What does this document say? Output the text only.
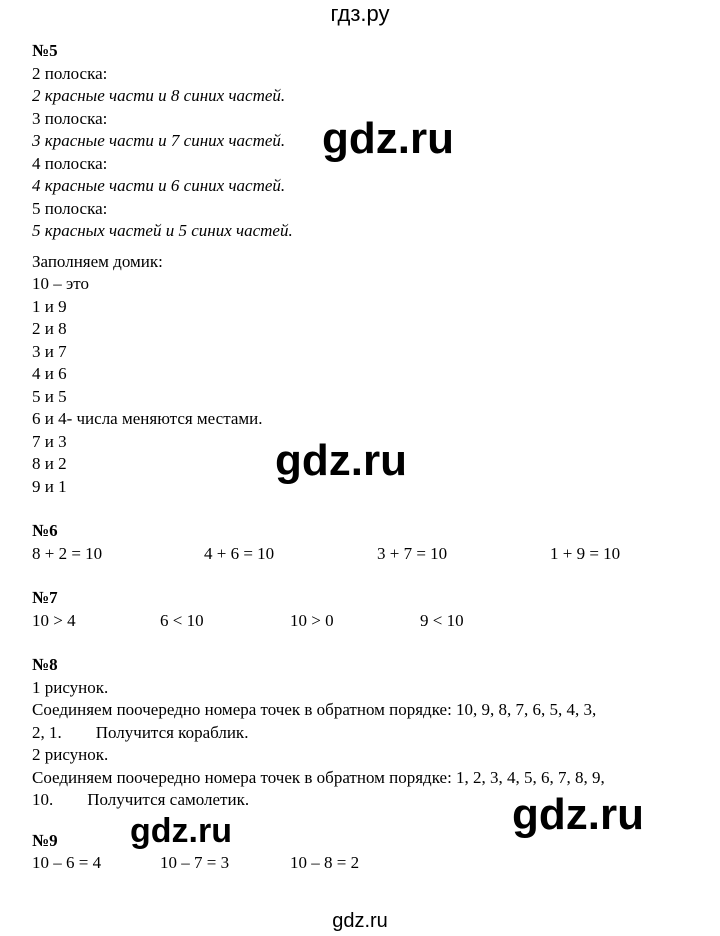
гдз.ру
№5
2 полоска:
2 красные части и 8 синих частей.
3 полоска:
3 красные части и 7 синих частей.
4 полоска:
4 красные части и 6 синих частей.
5 полоска:
5 красных частей и 5 синих частей.
Заполняем домик:
10 – это
1 и 9
2 и 8
3 и 7
4 и 6
5 и 5
6 и 4- числа меняются местами.
7 и 3
8 и 2
9 и 1
№6
8 + 2 = 10	4 + 6 = 10	3 + 7 = 10	1 + 9 = 10
№7
10 > 4	6 < 10	10 > 0	9 < 10
№8
1 рисунок.
Соединяем поочередно номера точек в обратном порядке: 10, 9, 8, 7, 6, 5, 4, 3,
2, 1.        Получится кораблик.
2 рисунок.
Соединяем поочередно номера точек в обратном порядке: 1, 2, 3, 4, 5, 6, 7, 8, 9,
10.        Получится самолетик.
№9
10 – 6 = 4	10 – 7 = 3	10 – 8 = 2
gdz.ru
gdz.ru
gdz.ru
gdz.ru
gdz.ru
